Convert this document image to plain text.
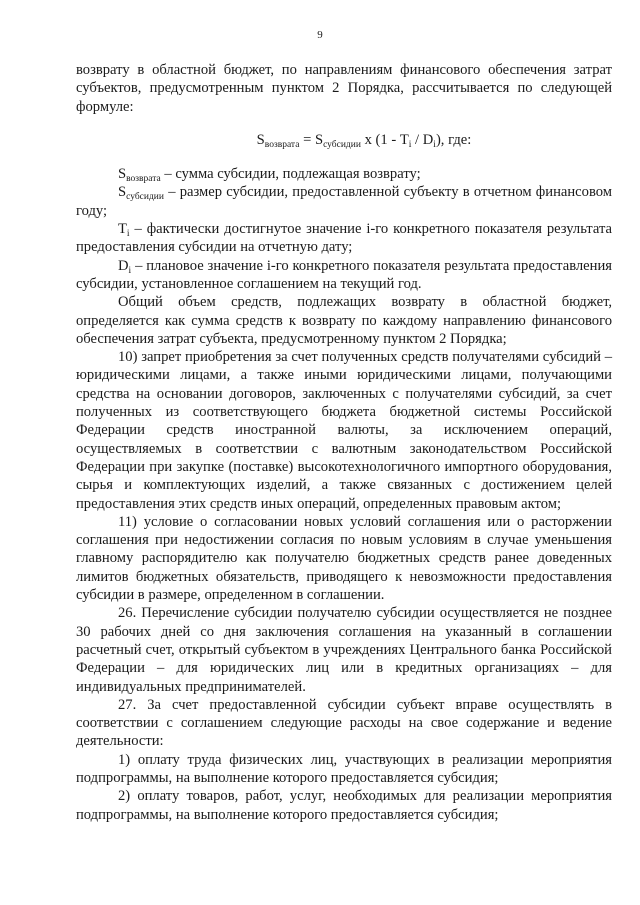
9

возврату в областной бюджет, по направлениям финансового обеспечения затрат субъектов, предусмотренным пунктом 2 Порядка, рассчитывается по следующей формуле:

$S_{возврата} = S_{субсидии}$ х $(1 - T_i / D_i)$, где:

$S_{возврата}$ – сумма субсидии, подлежащая возврату;

$S_{субсидии}$ – размер субсидии, предоставленной субъекту в отчетном финансовом году;

$T_i$ – фактически достигнутое значение i-го конкретного показателя результата предоставления субсидии на отчетную дату;

$D_i$ – плановое значение i-го конкретного показателя результата предоставления субсидии, установленное соглашением на текущий год.

Общий объем средств, подлежащих возврату в областной бюджет, определяется как сумма средств к возврату по каждому направлению финансового обеспечения затрат субъекта, предусмотренному пунктом 2 Порядка;

10) запрет приобретения за счет полученных средств получателями субсидий – юридическими лицами, а также иными юридическими лицами, получающими средства на основании договоров, заключенных с получателями субсидий, за счет полученных из соответствующего бюджета бюджетной системы Российской Федерации средств иностранной валюты, за исключением операций, осуществляемых в соответствии с валютным законодательством Российской Федерации при закупке (поставке) высокотехнологичного импортного оборудования, сырья и комплектующих изделий, а также связанных с достижением целей предоставления этих средств иных операций, определенных правовым актом;

11) условие о согласовании новых условий соглашения или о расторжении соглашения при недостижении согласия по новым условиям в случае уменьшения главному распорядителю как получателю бюджетных средств ранее доведенных лимитов бюджетных обязательств, приводящего к невозможности предоставления субсидии в размере, определенном в соглашении.

26. Перечисление субсидии получателю субсидии осуществляется не позднее 30 рабочих дней со дня заключения соглашения на указанный в соглашении расчетный счет, открытый субъектом в учреждениях Центрального банка Российской Федерации – для юридических лиц или в кредитных организациях – для индивидуальных предпринимателей.

27. За счет предоставленной субсидии субъект вправе осуществлять в соответствии с соглашением следующие расходы на свое содержание и ведение деятельности:

1) оплату труда физических лиц, участвующих в реализации мероприятия подпрограммы, на выполнение которого предоставляется субсидия;

2) оплату товаров, работ, услуг, необходимых для реализации мероприятия подпрограммы, на выполнение которого предоставляется субсидия;
